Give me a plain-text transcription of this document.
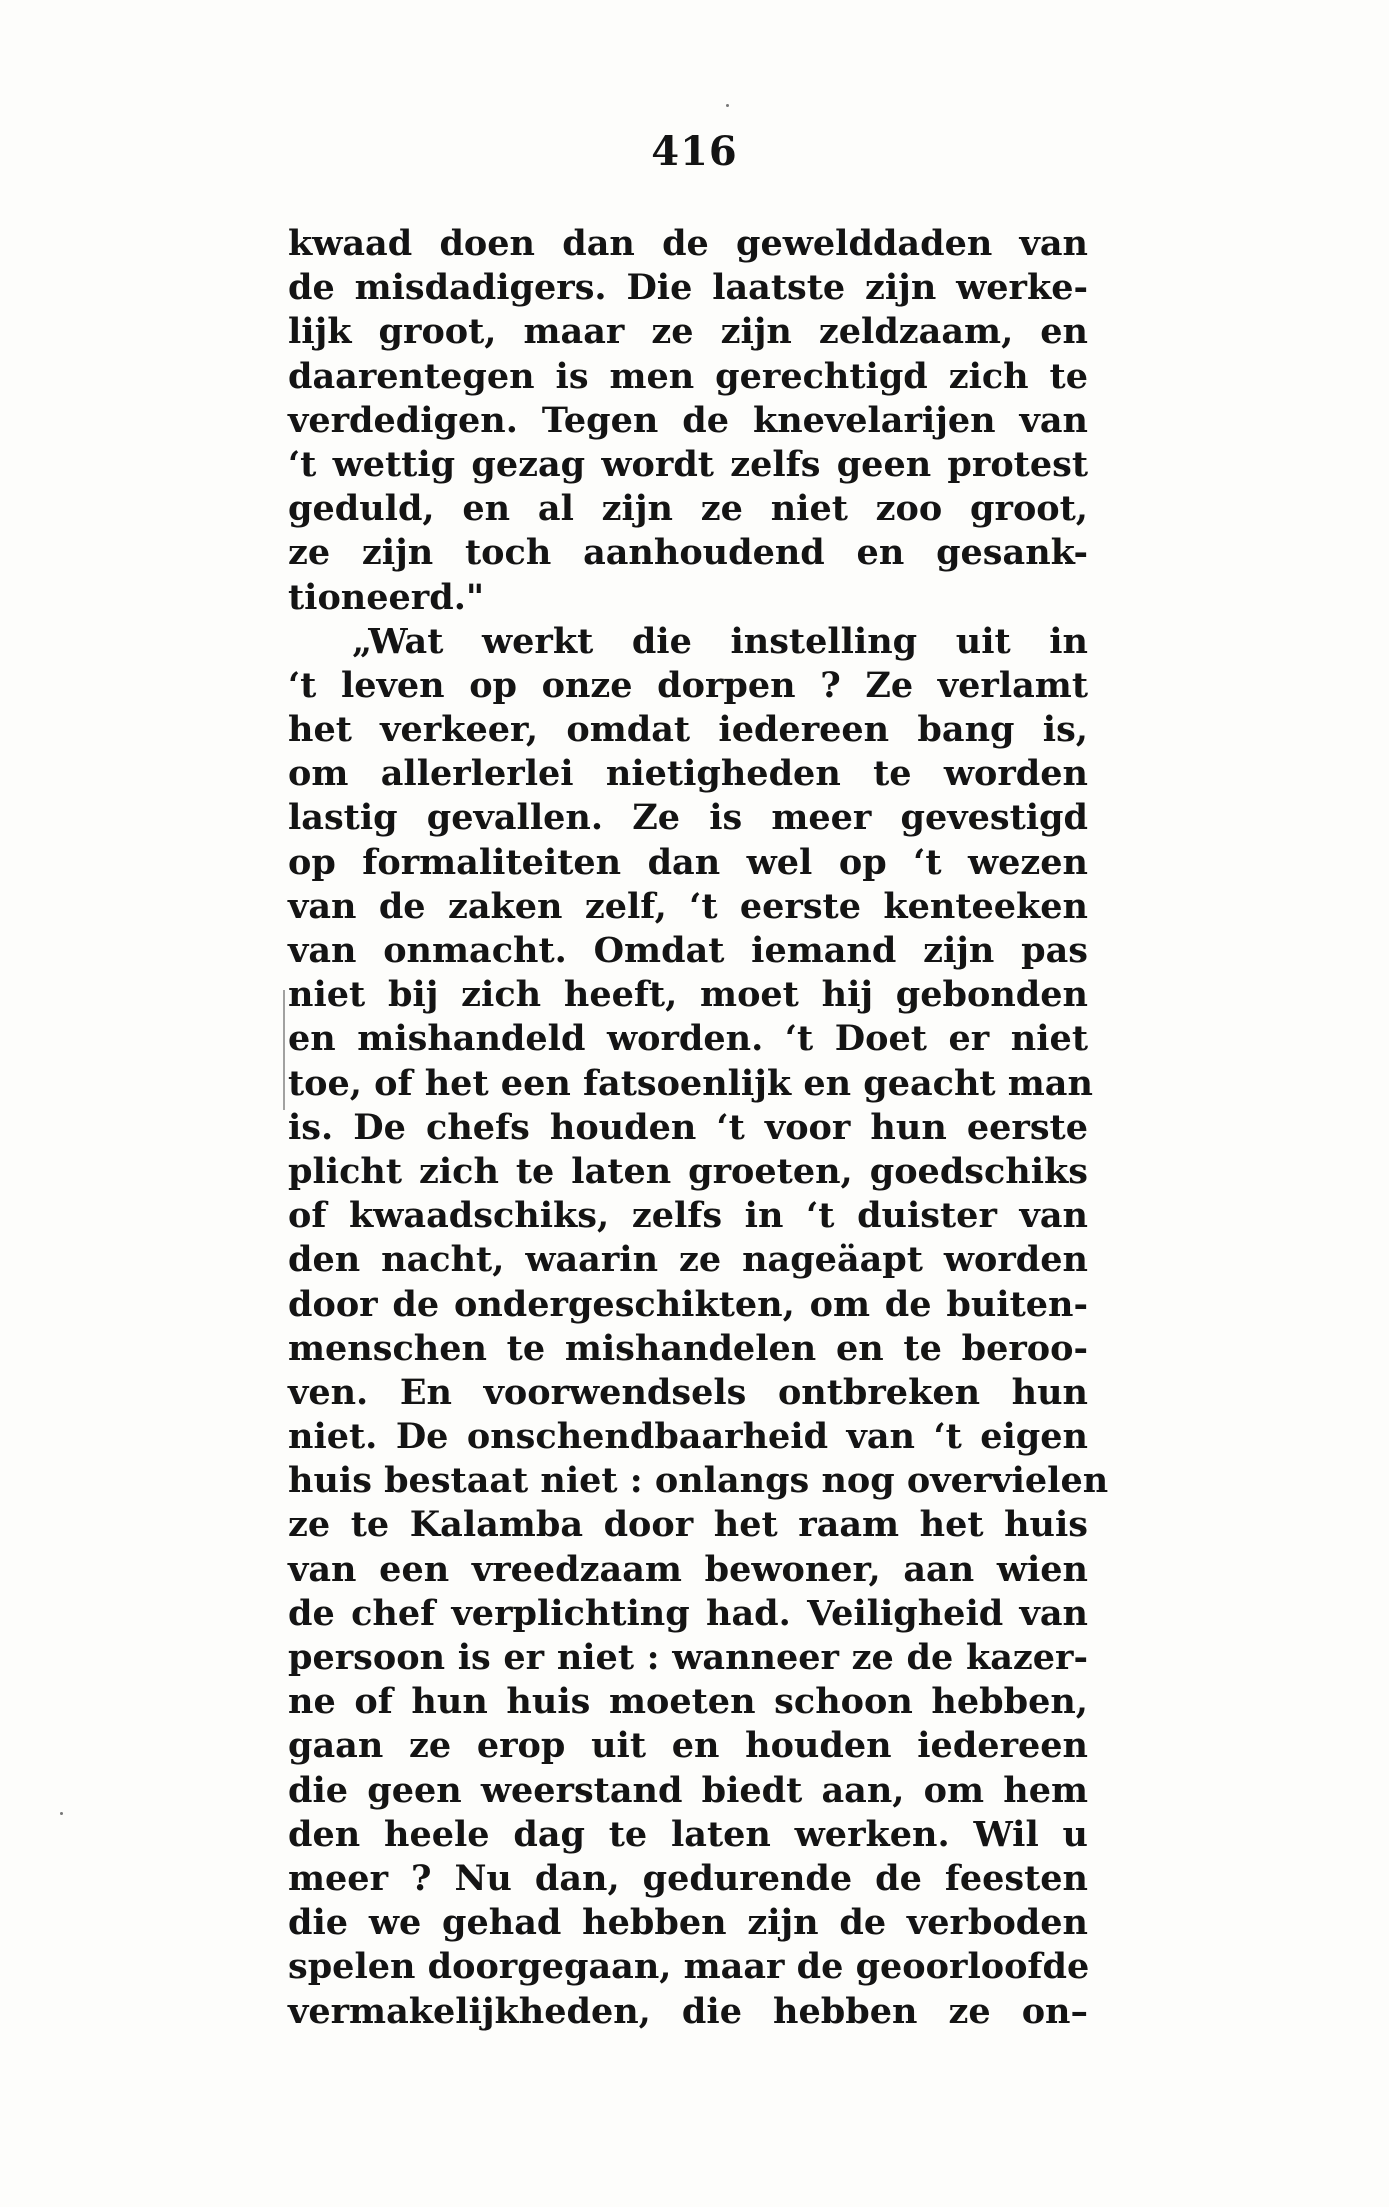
416
kwaad doen dan de gewelddaden van
de misdadigers. Die laatste zijn werke-
lijk groot, maar ze zijn zeldzaam, en
daarentegen is men gerechtigd zich te
verdedigen. Tegen de knevelarijen van
‘t wettig gezag wordt zelfs geen protest
geduld, en al zijn ze niet zoo groot,
ze zijn toch aanhoudend en gesank-
tioneerd."
„Wat werkt die instelling uit in
‘t leven op onze dorpen ? Ze verlamt
het verkeer, omdat iedereen bang is,
om allerlerlei nietigheden te worden
lastig gevallen. Ze is meer gevestigd
op formaliteiten dan wel op ‘t wezen
van de zaken zelf, ‘t eerste kenteeken
van onmacht. Omdat iemand zijn pas
niet bij zich heeft, moet hij gebonden
en mishandeld worden. ‘t Doet er niet
toe, of het een fatsoenlijk en geacht man
is. De chefs houden ‘t voor hun eerste
plicht zich te laten groeten, goedschiks
of kwaadschiks, zelfs in ‘t duister van
den nacht, waarin ze nageäapt worden
door de ondergeschikten, om de buiten-
menschen te mishandelen en te beroo-
ven. En voorwendsels ontbreken hun
niet. De onschendbaarheid van ‘t eigen
huis bestaat niet : onlangs nog overvielen
ze te Kalamba door het raam het huis
van een vreedzaam bewoner, aan wien
de chef verplichting had. Veiligheid van
persoon is er niet : wanneer ze de kazer-
ne of hun huis moeten schoon hebben,
gaan ze erop uit en houden iedereen
die geen weerstand biedt aan, om hem
den heele dag te laten werken. Wil u
meer ? Nu dan, gedurende de feesten
die we gehad hebben zijn de verboden
spelen doorgegaan, maar de geoorloofde
vermakelijkheden, die hebben ze on–
